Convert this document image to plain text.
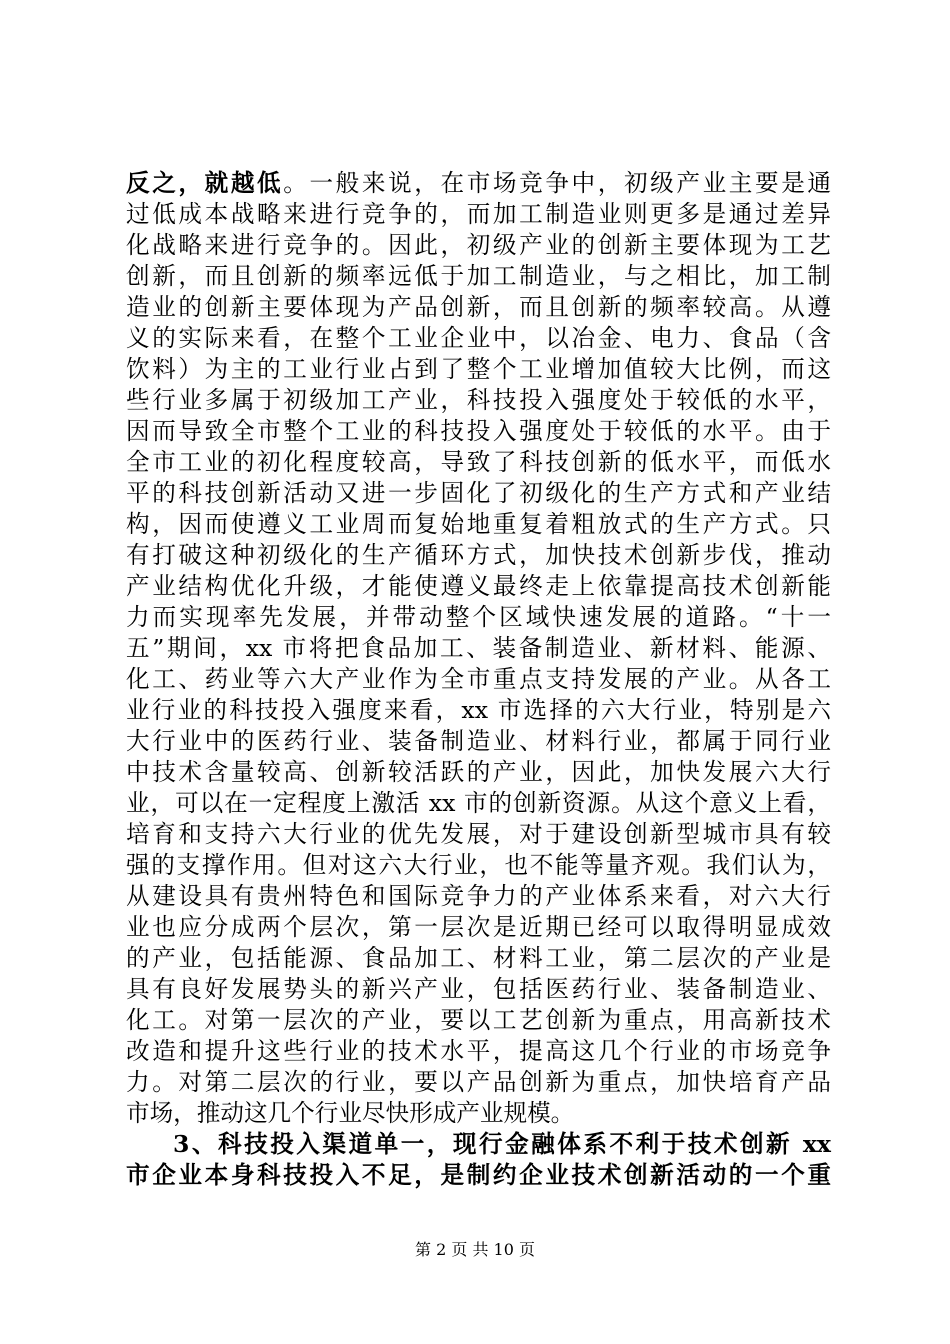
反之，就越低。一般来说，在市场竞争中，初级产业主要是通
过低成本战略来进行竞争的，而加工制造业则更多是通过差异
化战略来进行竞争的。因此，初级产业的创新主要体现为工艺
创新，而且创新的频率远低于加工制造业，与之相比，加工制
造业的创新主要体现为产品创新，而且创新的频率较高。从遵
义的实际来看，在整个工业企业中，以冶金、电力、食品（含
饮料）为主的工业行业占到了整个工业增加值较大比例，而这
些行业多属于初级加工产业，科技投入强度处于较低的水平，
因而导致全市整个工业的科技投入强度处于较低的水平。由于
全市工业的初化程度较高，导致了科技创新的低水平，而低水
平的科技创新活动又进一步固化了初级化的生产方式和产业结
构，因而使遵义工业周而复始地重复着粗放式的生产方式。只
有打破这种初级化的生产循环方式，加快技术创新步伐，推动
产业结构优化升级，才能使遵义最终走上依靠提高技术创新能
力而实现率先发展，并带动整个区域快速发展的道路。“十一
五”期间，xx 市将把食品加工、装备制造业、新材料、能源、
化工、药业等六大产业作为全市重点支持发展的产业。从各工
业行业的科技投入强度来看，xx 市选择的六大行业，特别是六
大行业中的医药行业、装备制造业、材料行业，都属于同行业
中技术含量较高、创新较活跃的产业，因此，加快发展六大行
业，可以在一定程度上激活 xx 市的创新资源。从这个意义上看，
培育和支持六大行业的优先发展，对于建设创新型城市具有较
强的支撑作用。但对这六大行业，也不能等量齐观。我们认为，
从建设具有贵州特色和国际竞争力的产业体系来看，对六大行
业也应分成两个层次，第一层次是近期已经可以取得明显成效
的产业，包括能源、食品加工、材料工业，第二层次的产业是
具有良好发展势头的新兴产业，包括医药行业、装备制造业、
化工。对第一层次的产业，要以工艺创新为重点，用高新技术
改造和提升这些行业的技术水平，提高这几个行业的市场竞争
力。对第二层次的行业，要以产品创新为重点，加快培育产品
市场，推动这几个行业尽快形成产业规模。
3、科技投入渠道单一，现行金融体系不利于技术创新 xx
市企业本身科技投入不足，是制约企业技术创新活动的一个重
第 2 页 共 10 页
